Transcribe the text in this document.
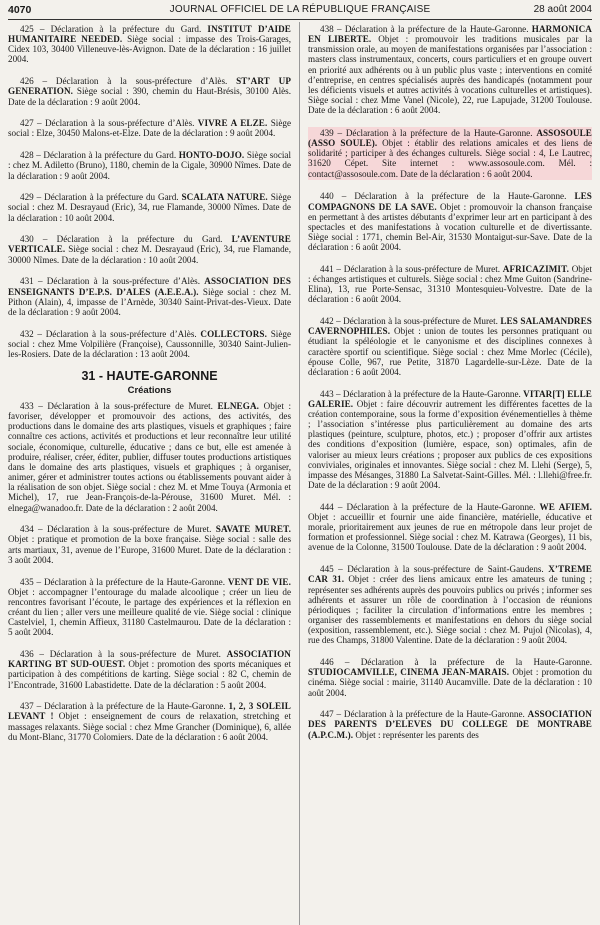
4070	JOURNAL OFFICIEL DE LA RÉPUBLIQUE FRANÇAISE	28 août 2004

425 – Déclaration à la préfecture du Gard. INSTITUT D’AIDE HUMANITAIRE NEEDED. Siège social : impasse des Trois-Garages, Cidex 103, 30400 Villeneuve-lès-Avignon. Date de la déclaration : 16 juillet 2004.

426 – Déclaration à la sous-préfecture d’Alès. ST’ART UP GENERATION. Siège social : 390, chemin du Haut-Brésis, 30100 Alès. Date de la déclaration : 9 août 2004.

427 – Déclaration à la sous-préfecture d’Alès. VIVRE A ELZE. Siège social : Elze, 30450 Malons-et-Elze. Date de la déclaration : 9 août 2004.

428 – Déclaration à la préfecture du Gard. HONTO-DOJO. Siège social : chez M. Adiletto (Bruno), 1180, chemin de la Cigale, 30900 Nîmes. Date de la déclaration : 9 août 2004.

429 – Déclaration à la préfecture du Gard. SCALATA NATURE. Siège social : chez M. Desrayaud (Eric), 34, rue Flamande, 30000 Nîmes. Date de la déclaration : 10 août 2004.

430 – Déclaration à la préfecture du Gard. L’AVENTURE VERTICALE. Siège social : chez M. Desrayaud (Eric), 34, rue Flamande, 30000 Nîmes. Date de la déclaration : 10 août 2004.

431 – Déclaration à la sous-préfecture d’Alès. ASSOCIATION DES ENSEIGNANTS D’E.P.S. D’ALES (A.E.E.A.). Siège social : chez M. Pithon (Alain), 4, impasse de l’Arnède, 30340 Saint-Privat-des-Vieux. Date de la déclaration : 9 août 2004.

432 – Déclaration à la sous-préfecture d’Alès. COLLECTORS. Siège social : chez Mme Volpilière (Françoise), Caussonnille, 30340 Saint-Julien-les-Rosiers. Date de la déclaration : 13 août 2004.

31 - HAUTE-GARONNE
Créations

433 – Déclaration à la sous-préfecture de Muret. ELNEGA. Objet : favoriser, développer et promouvoir des actions, des activités, des productions dans le domaine des arts plastiques, visuels et graphiques ; faire connaître ces actions, activités et productions et leur reconnaître leur utilité sociale, économique, culturelle, éducative ; dans ce but, elle est amenée à produire, réaliser, créer, éditer, publier, diffuser toutes productions artistiques dans le domaine des arts plastiques, visuels et graphiques ; à organiser, animer, gérer et administrer toutes actions ou établissements pouvant aider à la réalisation de son objet. Siège social : chez M. et Mme Touya (Armonia et Michel), 17, rue Jean-François-de-la-Pérouse, 31600 Muret. Mél. : elnega@wanadoo.fr. Date de la déclaration : 2 août 2004.

434 – Déclaration à la sous-préfecture de Muret. SAVATE MURET. Objet : pratique et promotion de la boxe française. Siège social : salle des arts martiaux, 31, avenue de l’Europe, 31600 Muret. Date de la déclaration : 3 août 2004.

435 – Déclaration à la préfecture de la Haute-Garonne. VENT DE VIE. Objet : accompagner l’entourage du malade alcoolique ; créer un lieu de rencontres favorisant l’écoute, le partage des expériences et la réflexion en créant du lien ; aller vers une meilleure qualité de vie. Siège social : clinique Castelviel, 1, chemin Affieux, 31180 Castelmaurou. Date de la déclaration : 5 août 2004.

436 – Déclaration à la sous-préfecture de Muret. ASSOCIATION KARTING BT SUD-OUEST. Objet : promotion des sports mécaniques et participation à des compétitions de karting. Siège social : 82 C, chemin de l’Encontrade, 31600 Labastidette. Date de la déclaration : 5 août 2004.

437 – Déclaration à la préfecture de la Haute-Garonne. 1, 2, 3 SOLEIL LEVANT ! Objet : enseignement de cours de relaxation, stretching et massages relaxants. Siège social : chez Mme Grancher (Dominique), 6, allée du Mont-Blanc, 31770 Colomiers. Date de la déclaration : 6 août 2004.

438 – Déclaration à la préfecture de la Haute-Garonne. HARMONICA EN LIBERTE. Objet : promouvoir les traditions musicales par la transmission orale, au moyen de manifestations organisées par l’association : masters class instrumentaux, concerts, cours particuliers et en groupe ouvert en priorité aux adhérents ou à un public plus vaste ; interventions en comité d’entreprise, en centres spécialisés auprès des handicapés (notamment pour les déficients visuels et autres activités à vocations culturelles et artistiques). Siège social : chez Mme Vanel (Nicole), 22, rue Lapujade, 31200 Toulouse. Date de la déclaration : 6 août 2004.

439 – Déclaration à la préfecture de la Haute-Garonne. ASSOSOULE (ASSO SOULE). Objet : établir des relations amicales et des liens de solidarité ; participer à des échanges culturels. Siège social : 4, Le Lautrec, 31620 Cépet. Site internet : www.assosoule.com. Mél. : contact@assosoule.com. Date de la déclaration : 6 août 2004.

440 – Déclaration à la préfecture de la Haute-Garonne. LES COMPAGNONS DE LA SAVE. Objet : promouvoir la chanson française en permettant à des artistes débutants d’exprimer leur art en participant à des spectacles et des manifestations à vocation culturelle et de divertissante. Siège social : 1771, chemin Bel-Air, 31530 Montaigut-sur-Save. Date de la déclaration : 6 août 2004.

441 – Déclaration à la sous-préfecture de Muret. AFRICAZIMIT. Objet : échanges artistiques et culturels. Siège social : chez Mme Guiton (Sandrine-Elina), 13, rue Porte-Sensac, 31310 Montesquieu-Volvestre. Date de la déclaration : 6 août 2004.

442 – Déclaration à la sous-préfecture de Muret. LES SALAMANDRES CAVERNOPHILES. Objet : union de toutes les personnes pratiquant ou étudiant la spéléologie et le canyonisme et des disciplines connexes à caractère sportif ou scientifique. Siège social : chez Mme Morlec (Cécile), épouse Colle, 967, rue Petite, 31870 Lagardelle-sur-Lèze. Date de la déclaration : 6 août 2004.

443 – Déclaration à la préfecture de la Haute-Garonne. VITAR[T] ELLE GALERIE. Objet : faire découvrir autrement les différentes facettes de la création contemporaine, sous la forme d’exposition événementielles à thème ; l’association s’intéresse plus particulièrement au domaine des arts plastiques (peinture, sculpture, photos, etc.) ; proposer d’offrir aux artistes des conditions d’exposition (lumière, espace, son) optimales, afin de valoriser au mieux leurs créations ; proposer aux publics de ces expositions conviviales, originales et innovantes. Siège social : chez M. Llehi (Serge), 5, impasse des Mésanges, 31880 La Salvetat-Saint-Gilles. Mél. : l.llehi@free.fr. Date de la déclaration : 9 août 2004.

444 – Déclaration à la préfecture de la Haute-Garonne. WE AFIEM. Objet : accueillir et fournir une aide financière, matérielle, éducative et morale, prioritairement aux jeunes de rue en métropole dans leur projet de formation et professionnel. Siège social : chez M. Katrawa (Georges), 11 bis, avenue de la Colonne, 31500 Toulouse. Date de la déclaration : 9 août 2004.

445 – Déclaration à la sous-préfecture de Saint-Gaudens. X’TREME CAR 31. Objet : créer des liens amicaux entre les amateurs de tuning ; représenter ses adhérents auprès des pouvoirs publics ou privés ; informer ses adhérents et assurer un rôle de coordination à l’occasion de réunions périodiques ; faciliter la circulation d’informations entre les membres ; organiser des rassemblements et manifestations en dehors du siège social (exposition, rassemblement, etc.). Siège social : chez M. Pujol (Nicolas), 4, rue des Champs, 31800 Valentine. Date de la déclaration : 9 août 2004.

446 – Déclaration à la préfecture de la Haute-Garonne. STUDIOCAMVILLE, CINEMA JEAN-MARAIS. Objet : promotion du cinéma. Siège social : mairie, 31140 Aucamville. Date de la déclaration : 10 août 2004.

447 – Déclaration à la préfecture de la Haute-Garonne. ASSOCIATION DES PARENTS D’ELEVES DU COLLEGE DE MONTRABE (A.P.C.M.). Objet : représenter les parents des
